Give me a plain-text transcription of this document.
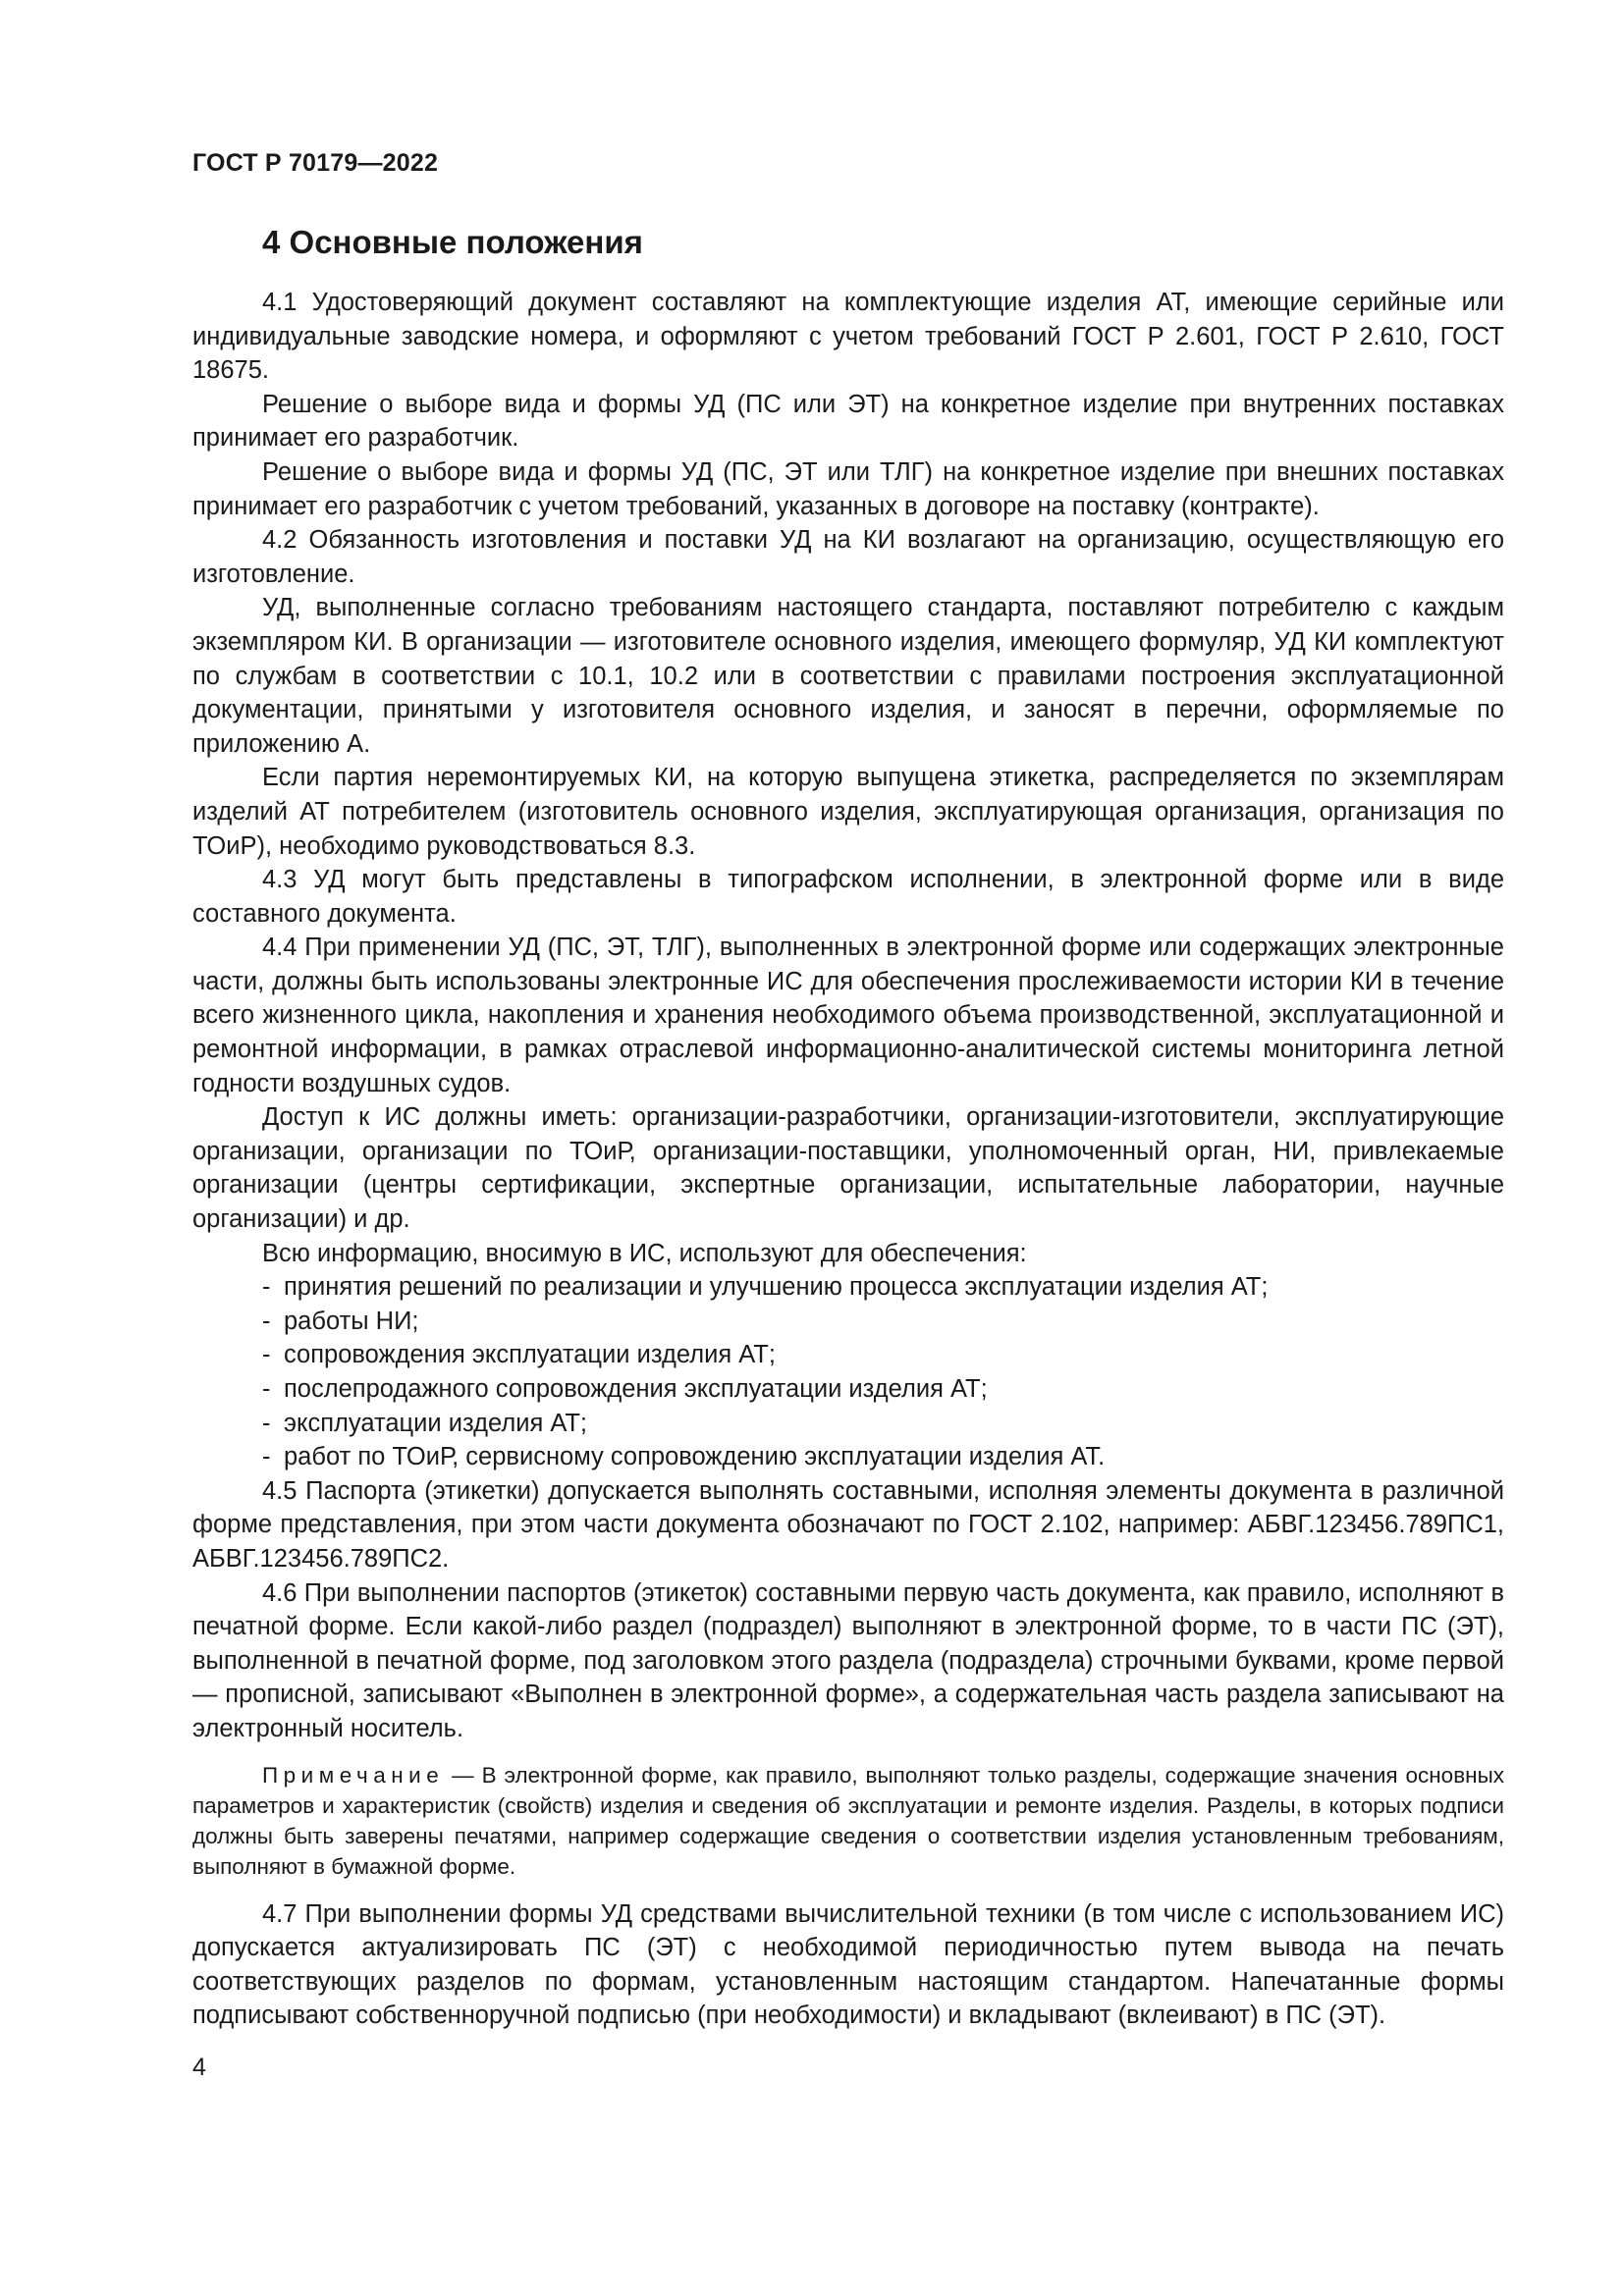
ГОСТ Р 70179—2022
4 Основные положения

4.1 Удостоверяющий документ составляют на комплектующие изделия АТ, имеющие серийные или индивидуальные заводские номера, и оформляют с учетом требований ГОСТ Р 2.601, ГОСТ Р 2.610, ГОСТ 18675.

Решение о выборе вида и формы УД (ПС или ЭТ) на конкретное изделие при внутренних поставках принимает его разработчик.

Решение о выборе вида и формы УД (ПС, ЭТ или ТЛГ) на конкретное изделие при внешних поставках принимает его разработчик с учетом требований, указанных в договоре на поставку (контракте).

4.2 Обязанность изготовления и поставки УД на КИ возлагают на организацию, осуществляющую его изготовление.

УД, выполненные согласно требованиям настоящего стандарта, поставляют потребителю с каждым экземпляром КИ. В организации — изготовителе основного изделия, имеющего формуляр, УД КИ комплектуют по службам в соответствии с 10.1, 10.2 или в соответствии с правилами построения эксплуатационной документации, принятыми у изготовителя основного изделия, и заносят в перечни, оформляемые по приложению А.

Если партия неремонтируемых КИ, на которую выпущена этикетка, распределяется по экземплярам изделий АТ потребителем (изготовитель основного изделия, эксплуатирующая организация, организация по ТОиР), необходимо руководствоваться 8.3.

4.3 УД могут быть представлены в типографском исполнении, в электронной форме или в виде составного документа.

4.4 При применении УД (ПС, ЭТ, ТЛГ), выполненных в электронной форме или содержащих электронные части, должны быть использованы электронные ИС для обеспечения прослеживаемости истории КИ в течение всего жизненного цикла, накопления и хранения необходимого объема производственной, эксплуатационной и ремонтной информации, в рамках отраслевой информационно-аналитической системы мониторинга летной годности воздушных судов.

Доступ к ИС должны иметь: организации-разработчики, организации-изготовители, эксплуатирующие организации, организации по ТОиР, организации-поставщики, уполномоченный орган, НИ, привлекаемые организации (центры сертификации, экспертные организации, испытательные лаборатории, научные организации) и др.

Всю информацию, вносимую в ИС, используют для обеспечения:

- принятия решений по реализации и улучшению процесса эксплуатации изделия АТ;
- работы НИ;
- сопровождения эксплуатации изделия АТ;
- послепродажного сопровождения эксплуатации изделия АТ;
- эксплуатации изделия АТ;
- работ по ТОиР, сервисному сопровождению эксплуатации изделия АТ.

4.5 Паспорта (этикетки) допускается выполнять составными, исполняя элементы документа в различной форме представления, при этом части документа обозначают по ГОСТ 2.102, например: АБВГ.123456.789ПС1, АБВГ.123456.789ПС2.

4.6 При выполнении паспортов (этикеток) составными первую часть документа, как правило, исполняют в печатной форме. Если какой-либо раздел (подраздел) выполняют в электронной форме, то в части ПС (ЭТ), выполненной в печатной форме, под заголовком этого раздела (подраздела) строчными буквами, кроме первой — прописной, записывают «Выполнен в электронной форме», а содержательная часть раздела записывают на электронный носитель.

Примечание — В электронной форме, как правило, выполняют только разделы, содержащие значения основных параметров и характеристик (свойств) изделия и сведения об эксплуатации и ремонте изделия. Разделы, в которых подписи должны быть заверены печатями, например содержащие сведения о соответствии изделия установленным требованиям, выполняют в бумажной форме.

4.7 При выполнении формы УД средствами вычислительной техники (в том числе с использованием ИС) допускается актуализировать ПС (ЭТ) с необходимой периодичностью путем вывода на печать соответствующих разделов по формам, установленным настоящим стандартом. Напечатанные формы подписывают собственноручной подписью (при необходимости) и вкладывают (вклеивают) в ПС (ЭТ).

4
